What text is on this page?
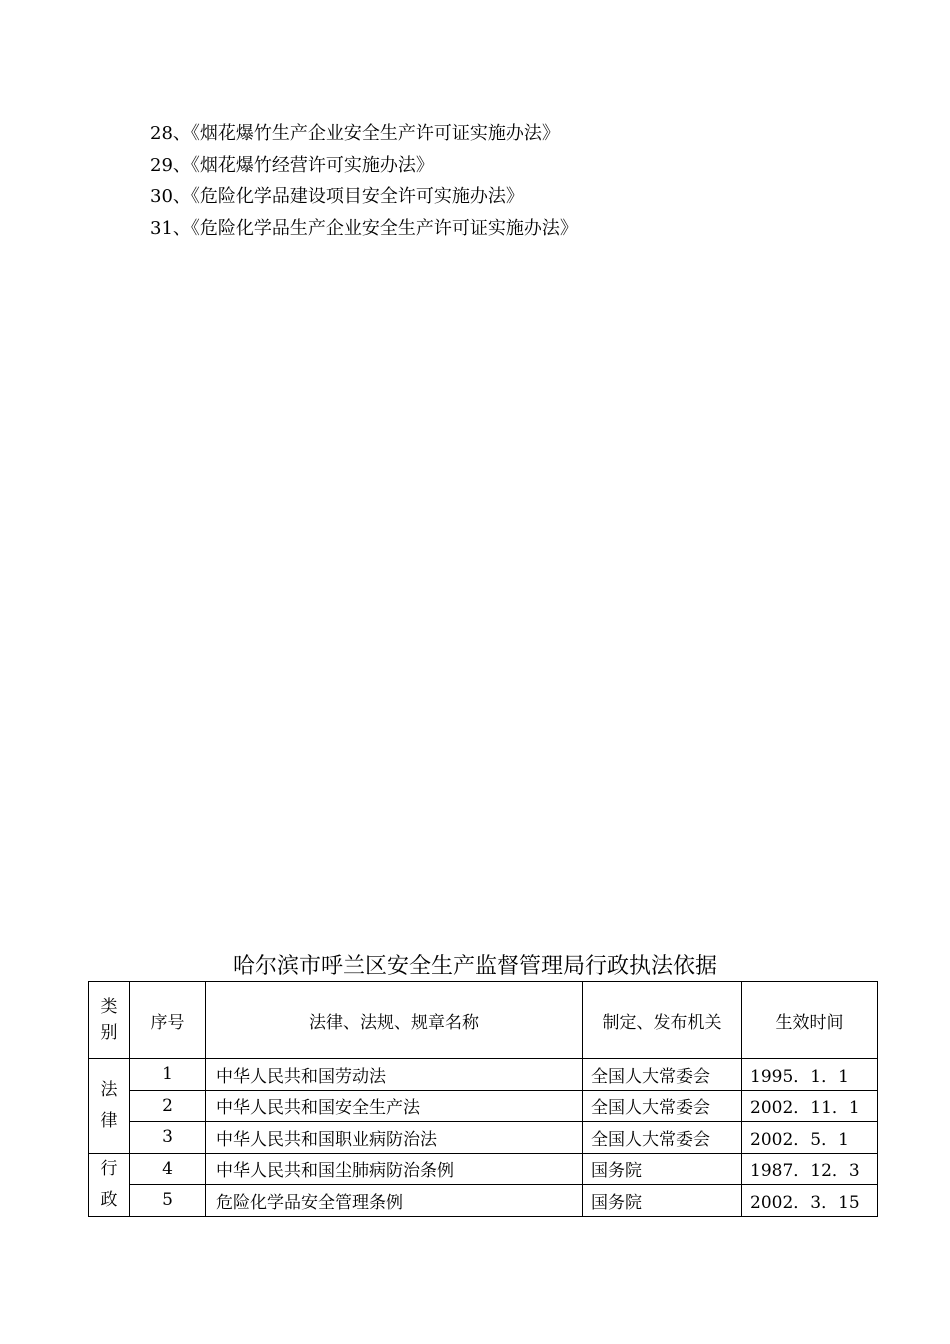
28、《烟花爆竹生产企业安全生产许可证实施办法》
29、《烟花爆竹经营许可实施办法》
30、《危险化学品建设项目安全许可实施办法》
31、《危险化学品生产企业安全生产许可证实施办法》
哈尔滨市呼兰区安全生产监督管理局行政执法依据
类
别	序号	法律、法规、规章名称	制定、发布机关	生效时间

法
律	1	中华人民共和国劳动法	全国人大常委会	1995．1．1
	2	中华人民共和国安全生产法	全国人大常委会	2002．11．1
	3	中华人民共和国职业病防治法	全国人大常委会	2002．5．1
行	4	中华人民共和国尘肺病防治条例	国务院	1987．12．3
政	5	危险化学品安全管理条例	国务院	2002．3．15
